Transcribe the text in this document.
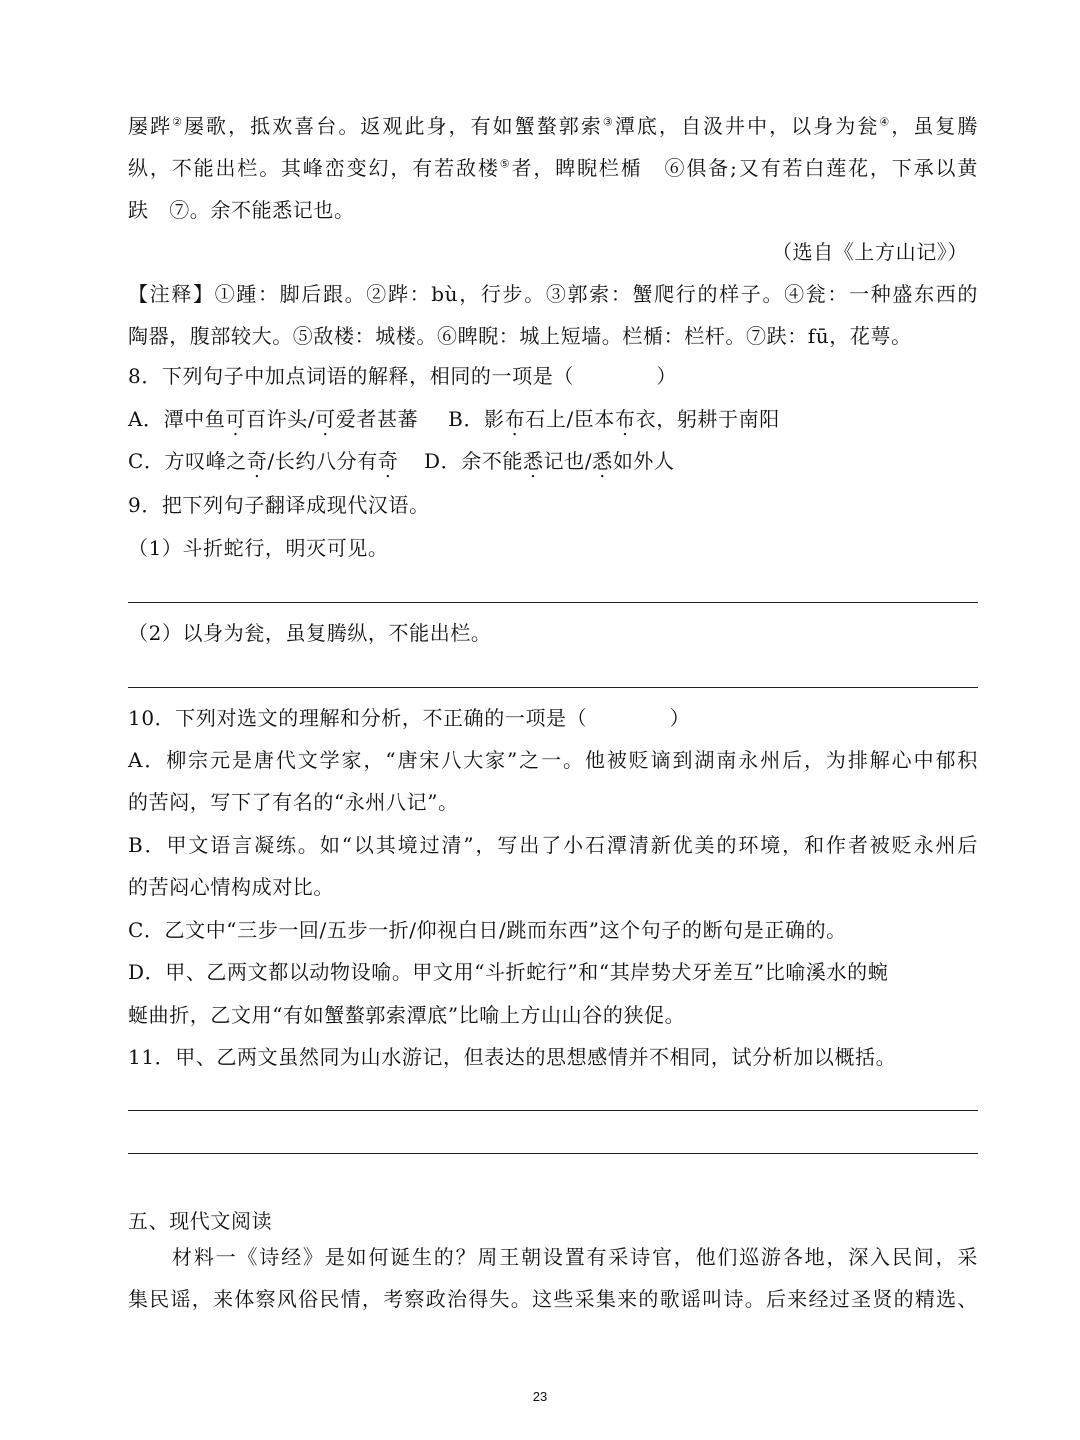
屡跸②屡歌，抵欢喜台。返观此身，有如蟹螯郭索③潭底，自汲井中，以身为瓮④，虽复腾
纵，不能出栏。其峰峦变幻，有若敌楼⑤者，睥睨栏楯　⑥俱备;又有若白莲花，下承以黄
趺　⑦。余不能悉记也。
（选自《上方山记》）
【注释】①踵：脚后跟。②跸：bù，行步。③郭索：蟹爬行的样子。④瓮：一种盛东西的
陶器，腹部较大。⑤敌楼：城楼。⑥睥睨：城上短墙。栏楯：栏杆。⑦趺：fū，花萼。
8．下列句子中加点词语的解释，相同的一项是（　　　　）
A．潭中鱼可百许头/可爱者甚蕃 B．影布石上/臣本布衣，躬耕于南阳
C．方叹峰之奇/长约八分有奇 D．余不能悉记也/悉如外人
9．把下列句子翻译成现代汉语。
（1）斗折蛇行，明灭可见。
（2）以身为瓮，虽复腾纵，不能出栏。
10．下列对选文的理解和分析，不正确的一项是（　　　　）
A．柳宗元是唐代文学家，“唐宋八大家”之一。他被贬谪到湖南永州后，为排解心中郁积
的苦闷，写下了有名的“永州八记”。
B．甲文语言凝练。如“以其境过清”，写出了小石潭清新优美的环境，和作者被贬永州后
的苦闷心情构成对比。
C．乙文中“三步一回/五步一折/仰视白日/跳而东西”这个句子的断句是正确的。
D．甲、乙两文都以动物设喻。甲文用“斗折蛇行”和“其岸势犬牙差互”比喻溪水的蜿
蜒曲折，乙文用“有如蟹螯郭索潭底”比喻上方山山谷的狭促。
11．甲、乙两文虽然同为山水游记，但表达的思想感情并不相同，试分析加以概括。
五、现代文阅读
材料一《诗经》是如何诞生的？周王朝设置有采诗官，他们巡游各地，深入民间，采
集民谣，来体察风俗民情，考察政治得失。这些采集来的歌谣叫诗。后来经过圣贤的精选、
23
